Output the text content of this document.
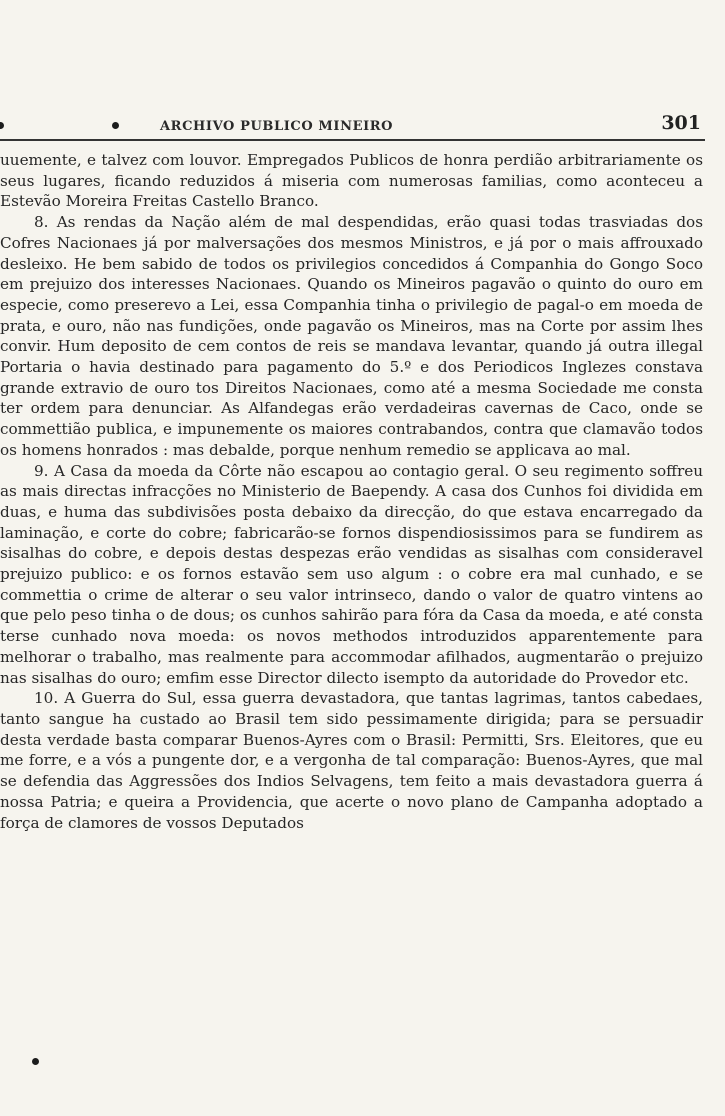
ARCHIVO PUBLICO MINEIRO	301

uuemente, e talvez com louvor. Empregados Publicos de honra perdião arbitrariamente os seus lugares, ficando reduzidos á miseria com numerosas familias, como aconteceu a Estevão Moreira Freitas Castello Branco.

8. As rendas da Nação além de mal despendidas, erão quasi todas trasviadas dos Cofres Nacionaes já por malversações dos mesmos Ministros, e já por o mais affrouxado desleixo. He bem sabido de todos os privilegios concedidos á Companhia do Gongo Soco em prejuizo dos interesses Nacionaes. Quando os Mineiros pagavão o quinto do ouro em especie, como preserevo a Lei, essa Companhia tinha o privilegio de pagal-o em moeda de prata, e ouro, não nas fundições, onde pagavão os Mineiros, mas na Corte por assim lhes convir. Hum deposito de cem contos de reis se mandava levantar, quando já outra illegal Portaria o havia destinado para pagamento do 5.º e dos Periodicos Inglezes constava grande extravio de ouro tos Direitos Nacionaes, como até a mesma Sociedade me consta ter ordem para denunciar. As Alfandegas erão verdadeiras cavernas de Caco, onde se commettião publica, e impunemente os maiores contrabandos, contra que clamavão todos os homens honrados : mas debalde, porque nenhum remedio se applicava ao mal.

9. A Casa da moeda da Côrte não escapou ao contagio geral. O seu regimento soffreu as mais directas infracções no Ministerio de Baependy. A casa dos Cunhos foi dividida em duas, e huma das subdivisões posta debaixo da direcção, do que estava encarregado da laminação, e corte do cobre; fabricarão-se fornos dispendiosissimos para se fundirem as sisalhas do cobre, e depois destas despezas erão vendidas as sisalhas com consideravel prejuizo publico: e os fornos estavão sem uso algum : o cobre era mal cunhado, e se commettia o crime de alterar o seu valor intrinseco, dando o valor de quatro vintens ao que pelo peso tinha o de dous; os cunhos sahirão para fóra da Casa da moeda, e até consta terse cunhado nova moeda: os novos methodos introduzidos apparentemente para melhorar o trabalho, mas realmente para accommodar afilhados, augmentarão o prejuizo nas sisalhas do ouro; emfim esse Director dilecto isempto da autoridade do Provedor etc.

10. A Guerra do Sul, essa guerra devastadora, que tantas lagrimas, tantos cabedaes, tanto sangue ha custado ao Brasil tem sido pessimamente dirigida; para se persuadir desta verdade basta comparar Buenos-Ayres com o Brasil: Permitti, Srs. Eleitores, que eu me forre, e a vós a pungente dor, e a vergonha de tal comparação: Buenos-Ayres, que mal se defendia das Aggressões dos Indios Selvagens, tem feito a mais devastadora guerra á nossa Patria; e queira a Providencia, que acerte o novo plano de Campanha adoptado a força de clamores de vossos Deputados
